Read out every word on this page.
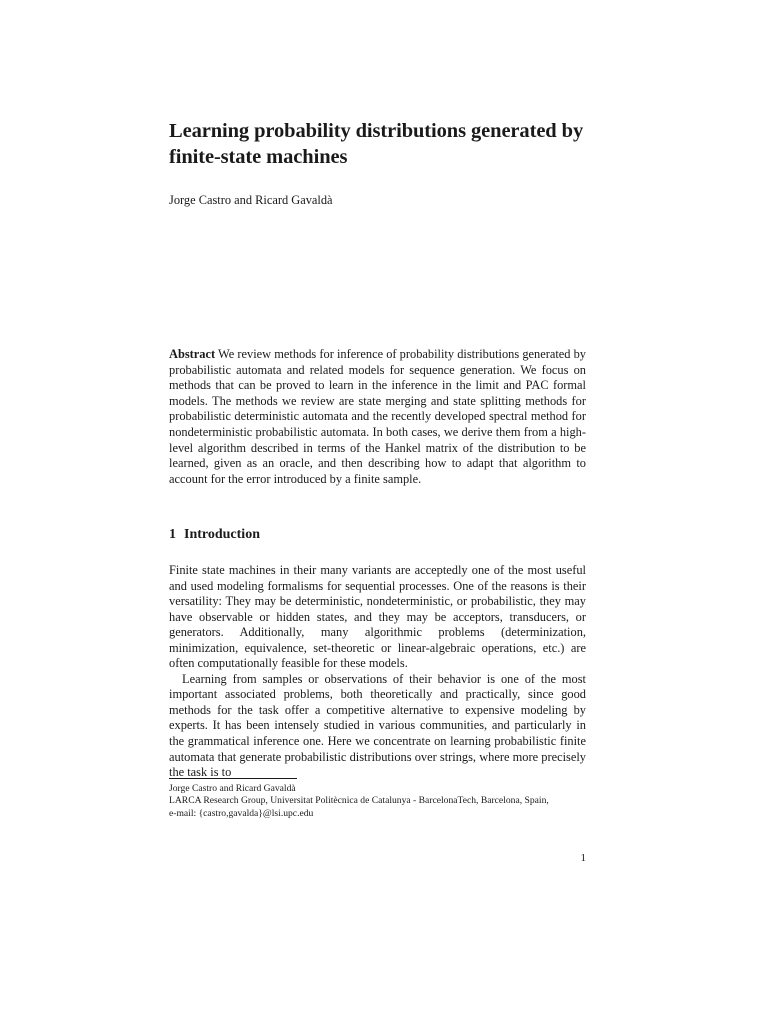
Learning probability distributions generated by finite-state machines
Jorge Castro and Ricard Gavaldà
Abstract We review methods for inference of probability distributions generated by probabilistic automata and related models for sequence generation. We focus on methods that can be proved to learn in the inference in the limit and PAC formal models. The methods we review are state merging and state splitting methods for probabilistic deterministic automata and the recently developed spectral method for nondeterministic probabilistic automata. In both cases, we derive them from a high-level algorithm described in terms of the Hankel matrix of the distribution to be learned, given as an oracle, and then describing how to adapt that algorithm to account for the error introduced by a finite sample.
1 Introduction

Finite state machines in their many variants are acceptedly one of the most useful and used modeling formalisms for sequential processes. One of the reasons is their versatility: They may be deterministic, nondeterministic, or probabilistic, they may have observable or hidden states, and they may be acceptors, transducers, or generators. Additionally, many algorithmic problems (determinization, minimization, equivalence, set-theoretic or linear-algebraic operations, etc.) are often computationally feasible for these models.

Learning from samples or observations of their behavior is one of the most important associated problems, both theoretically and practically, since good methods for the task offer a competitive alternative to expensive modeling by experts. It has been intensely studied in various communities, and particularly in the grammatical inference one. Here we concentrate on learning probabilistic finite automata that generate probabilistic distributions over strings, where more precisely the task is to

Jorge Castro and Ricard Gavaldà
LARCA Research Group, Universitat Politècnica de Catalunya - BarcelonaTech, Barcelona, Spain,
e-mail: {castro,gavalda}@lsi.upc.edu
1
